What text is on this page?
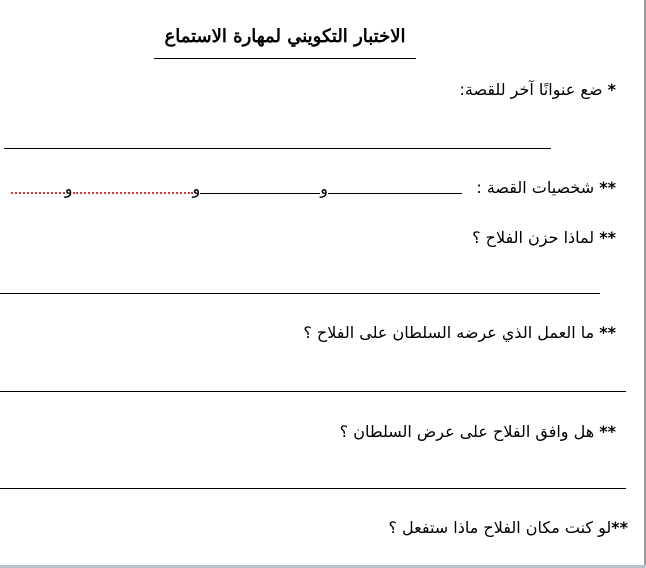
الاختبار التكويني لمهارة الاستماع
* ضع عنوانًا آخر للقصة:
** شخصيات القصة :
ووو
** لماذا حزن الفلاح ؟
** ما العمل الذي عرضه السلطان على الفلاح ؟
** هل وافق الفلاح على عرض السلطان ؟
**لو كنت مكان الفلاح ماذا ستفعل ؟
